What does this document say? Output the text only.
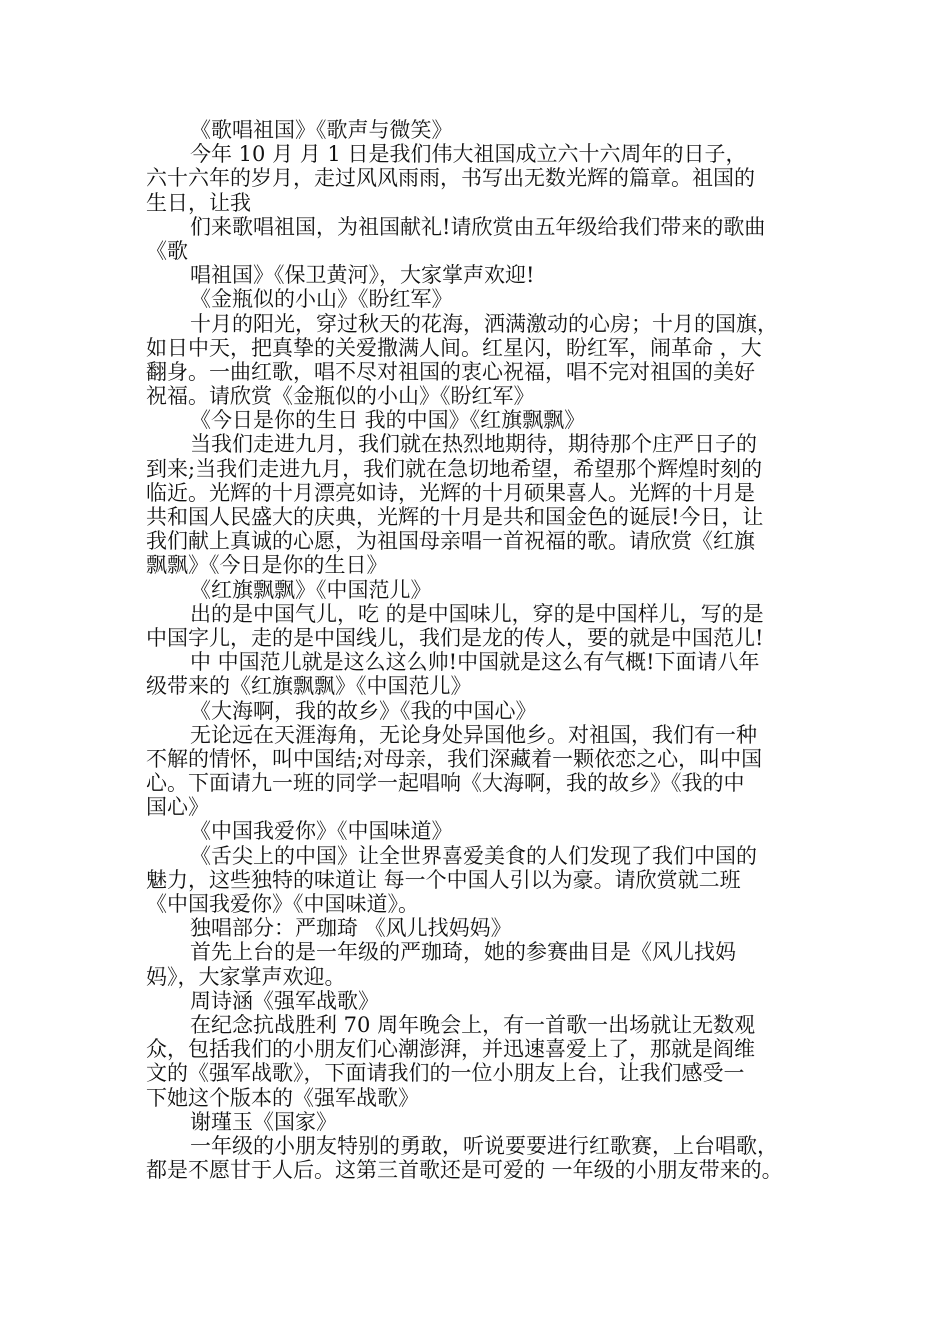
《歌唱祖国》《歌声与微笑》
今年 10 月 月 1 日是我们伟大祖国成立六十六周年的日子，
六十六年的岁月，走过风风雨雨，书写出无数光辉的篇章。祖国的
生日，让我
们来歌唱祖国，为祖国献礼!请欣赏由五年级给我们带来的歌曲
《歌
唱祖国》《保卫黄河》，大家掌声欢迎!
《金瓶似的小山》《盼红军》
十月的阳光，穿过秋天的花海，洒满激动的心房；十月的国旗，
如日中天，把真挚的关爱撒满人间。红星闪，盼红军，闹革命 ，大
翻身。一曲红歌，唱不尽对祖国的衷心祝福，唱不完对祖国的美好
祝福。请欣赏《金瓶似的小山》《盼红军》
《今日是你的生日 我的中国》《红旗飘飘》
当我们走进九月，我们就在热烈地期待，期待那个庄严日子的
到来;当我们走进九月，我们就在急切地希望，希望那个辉煌时刻的
临近。光辉的十月漂亮如诗，光辉的十月硕果喜人。光辉的十月是
共和国人民盛大的庆典，光辉的十月是共和国金色的诞辰!今日，让
我们献上真诚的心愿，为祖国母亲唱一首祝福的歌。请欣赏《红旗
飘飘》《今日是你的生日》
《红旗飘飘》《中国范儿》
出的是中国气儿，吃 的是中国味儿，穿的是中国样儿，写的是
中国字儿，走的是中国线儿，我们是龙的传人，要的就是中国范儿!
中 中国范儿就是这么这么帅!中国就是这么有气概!下面请八年
级带来的《红旗飘飘》《中国范儿》
《大海啊，我的故乡》《我的中国心》
无论远在天涯海角，无论身处异国他乡。对祖国，我们有一种
不解的情怀，叫中国结;对母亲，我们深藏着一颗依恋之心，叫中国
心。下面请九一班的同学一起唱响《大海啊，我的故乡》《我的中
国心》
《中国我爱你》《中国味道》
《舌尖上的中国》让全世界喜爱美食的人们发现了我们中国的
魅力，这些独特的味道让 每一个中国人引以为豪。请欣赏就二班
《中国我爱你》《中国味道》。
独唱部分：严珈琦 《风儿找妈妈》
首先上台的是一年级的严珈琦，她的参赛曲目是《风儿找妈
妈》，大家掌声欢迎。
周诗涵《强军战歌》
在纪念抗战胜利 70 周年晚会上，有一首歌一出场就让无数观
众，包括我们的小朋友们心潮澎湃，并迅速喜爱上了，那就是阎维
文的《强军战歌》，下面请我们的一位小朋友上台，让我们感受一
下她这个版本的《强军战歌》
谢瑾玉《国家》
一年级的小朋友特别的勇敢，听说要要进行红歌赛，上台唱歌，
都是不愿甘于人后。这第三首歌还是可爱的 一年级的小朋友带来的。
